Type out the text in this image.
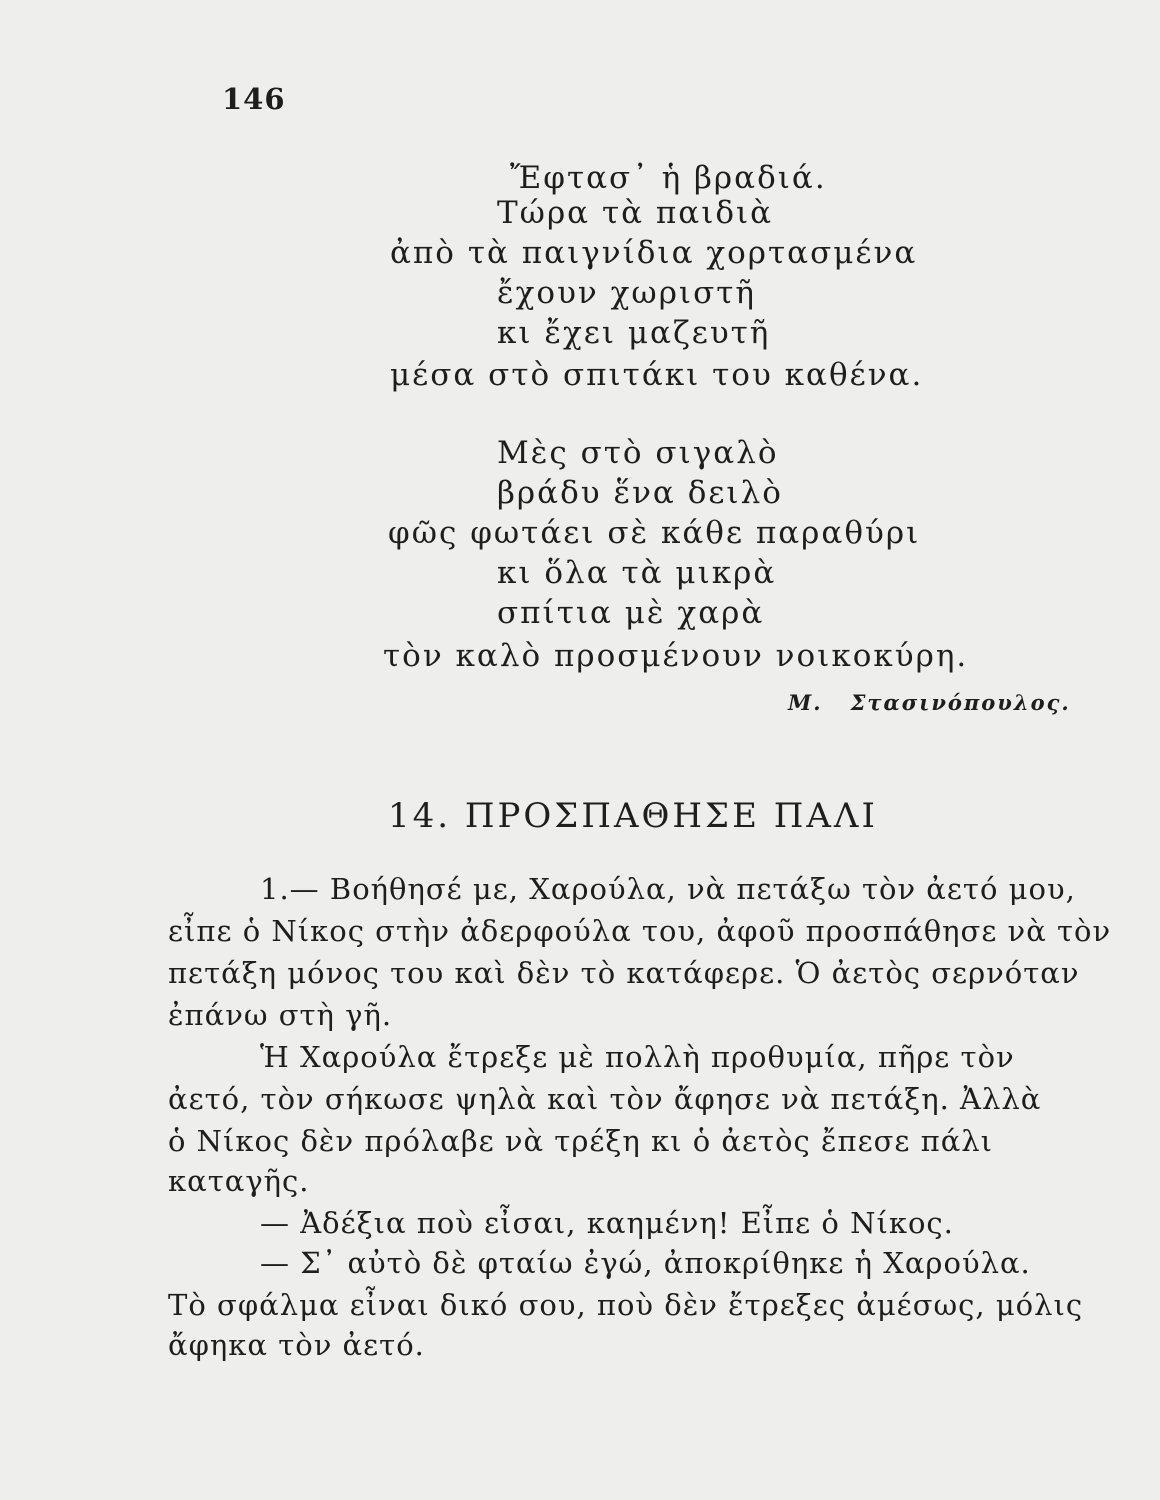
146
Ἔφτασ᾽ ἡ βραδιά.
Τώρα τὰ παιδιὰ
ἀπὸ τὰ παιγνίδια χορτασμένα
ἔχουν χωριστῆ
κι ἔχει μαζευτῆ
μέσα στὸ σπιτάκι του καθένα.
Μὲς στὸ σιγαλὸ
βράδυ ἕνα δειλὸ
φῶς φωτάει σὲ κάθε παραθύρι
κι ὅλα τὰ μικρὰ
σπίτια μὲ χαρὰ
τὸν καλὸ προσμένουν νοικοκύρη.
Μ. Στασινόπουλος.
14. ΠΡΟΣΠΑΘΗΣΕ ΠΑΛΙ
1.— Βοήθησέ με, Χαρούλα, νὰ πετάξω τὸν ἀετό μου,
εἶπε ὁ Νίκος στὴν ἀδερφούλα του, ἀφοῦ προσπάθησε νὰ τὸν
πετάξη μόνος του καὶ δὲν τὸ κατάφερε. Ὁ ἀετὸς σερνόταν
ἐπάνω στὴ γῆ.
Ἡ Χαρούλα ἔτρεξε μὲ πολλὴ προθυμία, πῆρε τὸν
ἀετό, τὸν σήκωσε ψηλὰ καὶ τὸν ἄφησε νὰ πετάξη. Ἀλλὰ
ὁ Νίκος δὲν πρόλαβε νὰ τρέξη κι ὁ ἀετὸς ἔπεσε πάλι
καταγῆς.
— Ἀδέξια ποὺ εἶσαι, καημένη! Εἶπε ὁ Νίκος.
— Σ᾽ αὐτὸ δὲ φταίω ἐγώ, ἀποκρίθηκε ἡ Χαρούλα.
Τὸ σφάλμα εἶναι δικό σου, ποὺ δὲν ἔτρεξες ἀμέσως, μόλις
ἄφηκα τὸν ἀετό.
